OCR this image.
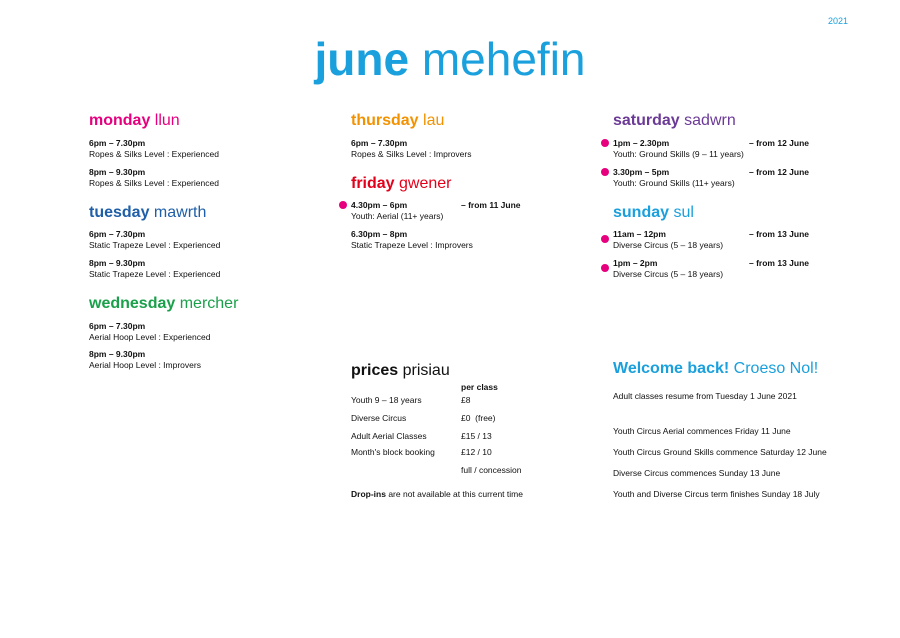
2021
june mehefin
monday llun
6pm – 7.30pm
Ropes & Silks Level : Experienced
8pm – 9.30pm
Ropes & Silks Level : Experienced
tuesday mawrth
6pm – 7.30pm
Static Trapeze Level : Experienced
8pm – 9.30pm
Static Trapeze Level : Experienced
wednesday mercher
6pm – 7.30pm
Aerial Hoop Level : Experienced
8pm – 9.30pm
Aerial Hoop Level : Improvers
thursday lau
6pm – 7.30pm
Ropes & Silks Level : Improvers
friday gwener
4.30pm – 6pm	– from 11 June
Youth: Aerial (11+ years)
6.30pm – 8pm
Static Trapeze Level : Improvers
saturday sadwrn
1pm – 2.30pm	– from 12 June
Youth: Ground Skills (9 – 11 years)
3.30pm – 5pm	– from 12 June
Youth: Ground Skills (11+ years)
sunday sul
11am – 12pm	– from 13 June
Diverse Circus (5 – 18 years)
1pm – 2pm	– from 13 June
Diverse Circus (5 – 18 years)
prices prisiau
per class
Youth 9 – 18 years	£8
Diverse Circus	£0  (free)
Adult Aerial Classes	£15 / 13
Month's block booking	£12 / 10
full / concession
Drop-ins are not available at this current time
Welcome back! Croeso Nol!
Adult classes resume from Tuesday 1 June 2021
Youth Circus Aerial commences Friday 11 June
Youth Circus Ground Skills commence Saturday 12 June
Diverse Circus commences Sunday 13 June
Youth and Diverse Circus term finishes Sunday 18 July
